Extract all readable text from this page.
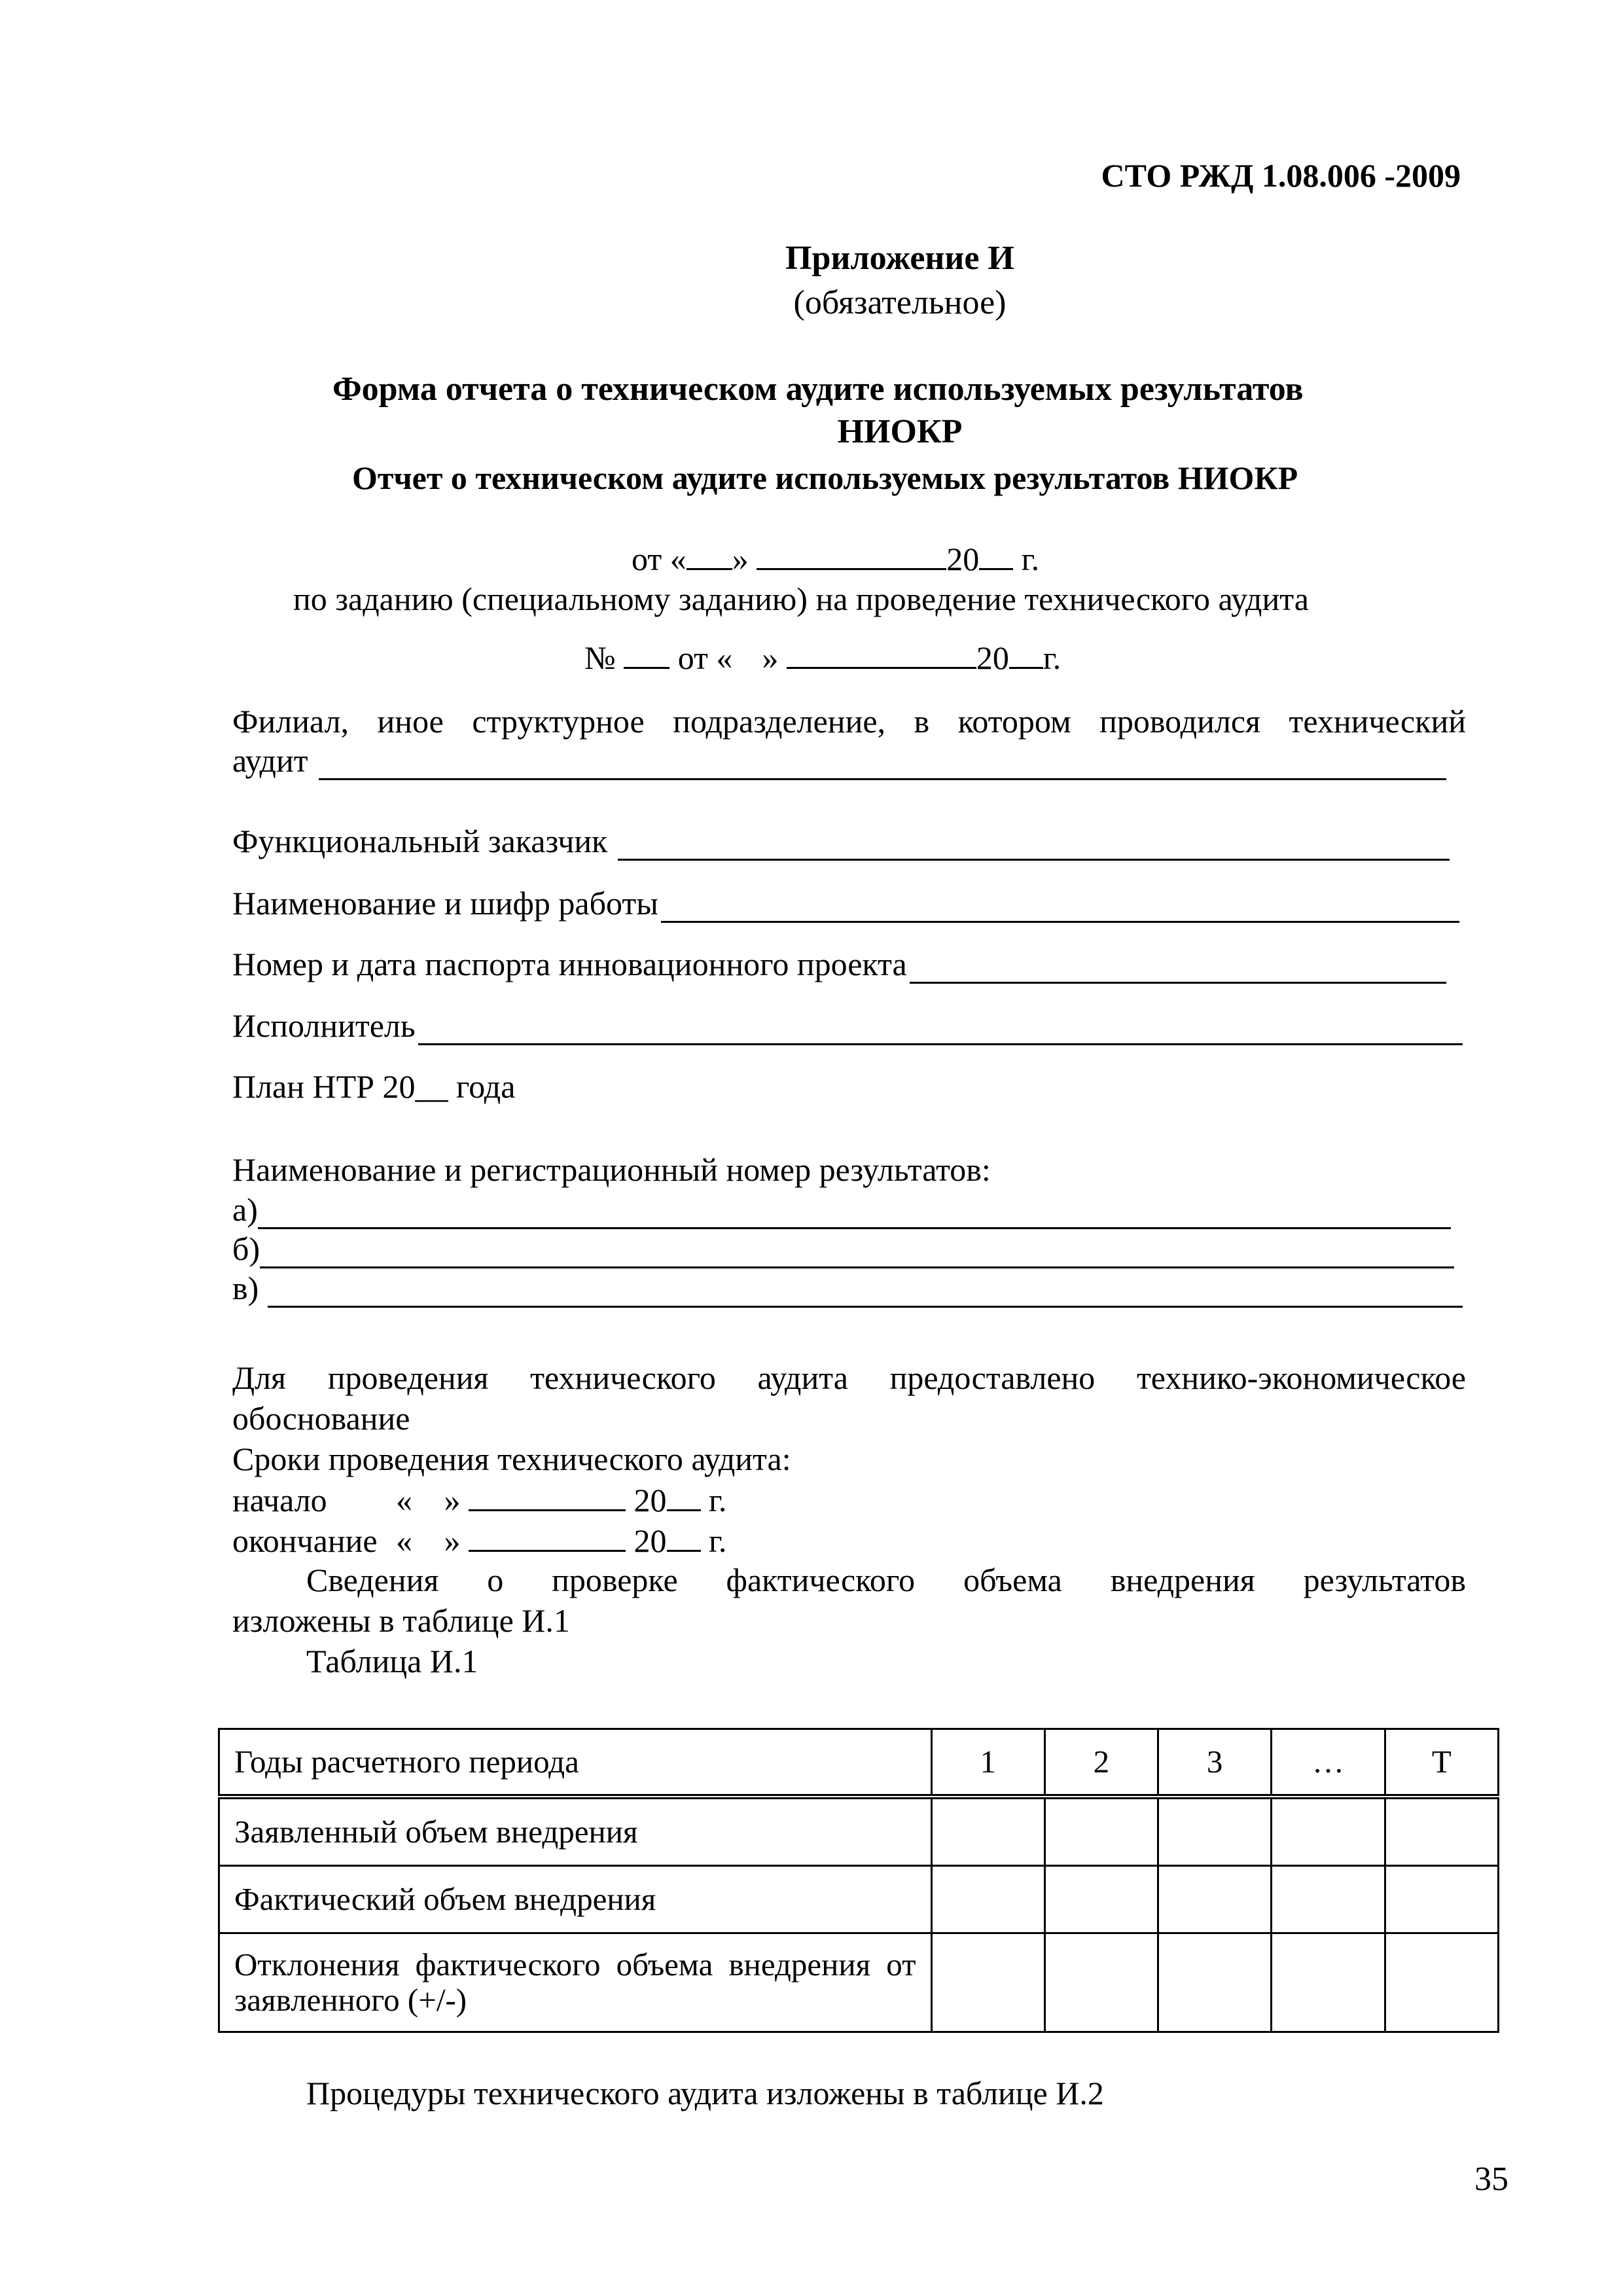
СТО РЖД 1.08.006 -2009
Приложение И
(обязательное)
Форма отчета о техническом аудите используемых результатов
НИОКР
Отчет о техническом аудите используемых результатов НИОКР
от « »	20 г.
по заданию (специальному заданию) на проведение технического аудита
№ от « »	20 г.
Филиал, иное структурное подразделение, в котором проводился технический
аудит
Функциональный заказчик
Наименование и шифр работы
Номер и дата паспорта инновационного проекта
Исполнитель
План НТР 20__ года
Наименование и регистрационный номер результатов:
а)
б)
в)
Для проведения технического аудита предоставлено технико-экономическое
обоснование
Сроки проведения технического аудита:
начало « »	20 г.
окончание « »	20 г.
Сведения о проверке фактического объема внедрения результатов
изложены в таблице И.1
Таблица И.1
Годы расчетного периода	1	2	3	…	Т
Заявленный объем внедрения					
Фактический объем внедрения					
Отклонения фактического объема внедрения от заявленного (+/-)					
Процедуры технического аудита изложены в таблице И.2
35
